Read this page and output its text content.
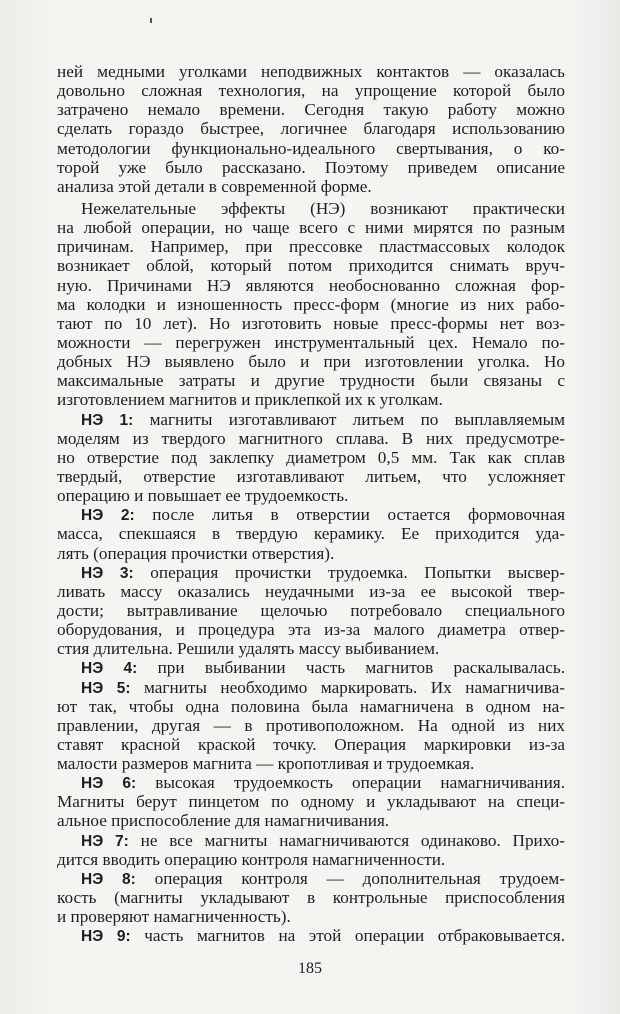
ней медными уголками неподвижных контактов — оказалась
довольно сложная технология, на упрощение которой было
затрачено немало времени. Сегодня такую работу можно
сделать гораздо быстрее, логичнее благодаря использованию
методологии функционально-идеального свертывания, о ко-
торой уже было рассказано. Поэтому приведем описание
анализа этой детали в современной форме.
Нежелательные эффекты (НЭ) возникают практически
на любой операции, но чаще всего с ними мирятся по разным
причинам. Например, при прессовке пластмассовых колодок
возникает облой, который потом приходится снимать вруч-
ную. Причинами НЭ являются необоснованно сложная фор-
ма колодки и изношенность пресс-форм (многие из них рабо-
тают по 10 лет). Но изготовить новые пресс-формы нет воз-
можности — перегружен инструментальный цех. Немало по-
добных НЭ выявлено было и при изготовлении уголка. Но
максимальные затраты и другие трудности были связаны с
изготовлением магнитов и приклепкой их к уголкам.
НЭ 1: магниты изготавливают литьем по выплавляемым
моделям из твердого магнитного сплава. В них предусмотре-
но отверстие под заклепку диаметром 0,5 мм. Так как сплав
твердый, отверстие изготавливают литьем, что усложняет
операцию и повышает ее трудоемкость.
НЭ 2: после литья в отверстии остается формовочная
масса, спекшаяся в твердую керамику. Ее приходится уда-
лять (операция прочистки отверстия).
НЭ 3: операция прочистки трудоемка. Попытки высвер-
ливать массу оказались неудачными из-за ее высокой твер-
дости; вытравливание щелочью потребовало специального
оборудования, и процедура эта из-за малого диаметра отвер-
стия длительна. Решили удалять массу выбиванием.
НЭ 4: при выбивании часть магнитов раскалывалась.
НЭ 5: магниты необходимо маркировать. Их намагничива-
ют так, чтобы одна половина была намагничена в одном на-
правлении, другая — в противоположном. На одной из них
ставят красной краской точку. Операция маркировки из-за
малости размеров магнита — кропотливая и трудоемкая.
НЭ 6: высокая трудоемкость операции намагничивания.
Магниты берут пинцетом по одному и укладывают на специ-
альное приспособление для намагничивания.
НЭ 7: не все магниты намагничиваются одинаково. Прихо-
дится вводить операцию контроля намагниченности.
НЭ 8: операция контроля — дополнительная трудоем-
кость (магниты укладывают в контрольные приспособления
и проверяют намагниченность).
НЭ 9: часть магнитов на этой операции отбраковывается.
185
